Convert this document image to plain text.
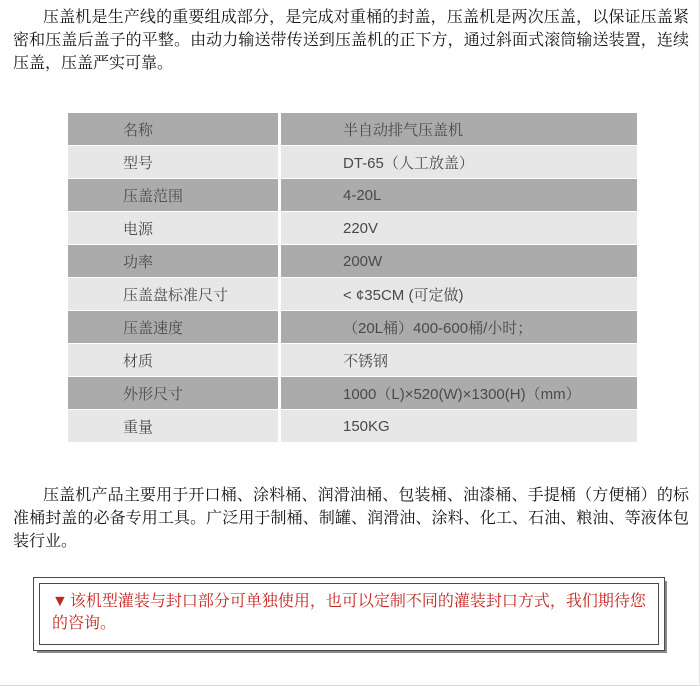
压盖机是生产线的重要组成部分，是完成对重桶的封盖，压盖机是两次压盖，以保证压盖紧密和压盖后盖子的平整。由动力输送带传送到压盖机的正下方，通过斜面式滚筒输送装置，连续压盖，压盖严实可靠。

名称	半自动排气压盖机
型号	DT-65（人工放盖）
压盖范围	4-20L
电源	220V
功率	200W
压盖盘标准尺寸	< ¢35CM (可定做)
压盖速度	（20L桶）400-600桶/小时；
材质	不锈钢
外形尺寸	1000（L)×520(W)×1300(H)（mm）
重量	150KG

压盖机产品主要用于开口桶、涂料桶、润滑油桶、包装桶、油漆桶、手提桶（方便桶）的标准桶封盖的必备专用工具。广泛用于制桶、制罐、润滑油、涂料、化工、石油、粮油、等液体包装行业。

▼ 该机型灌装与封口部分可单独使用，也可以定制不同的灌装封口方式，我们期待您的咨询。
